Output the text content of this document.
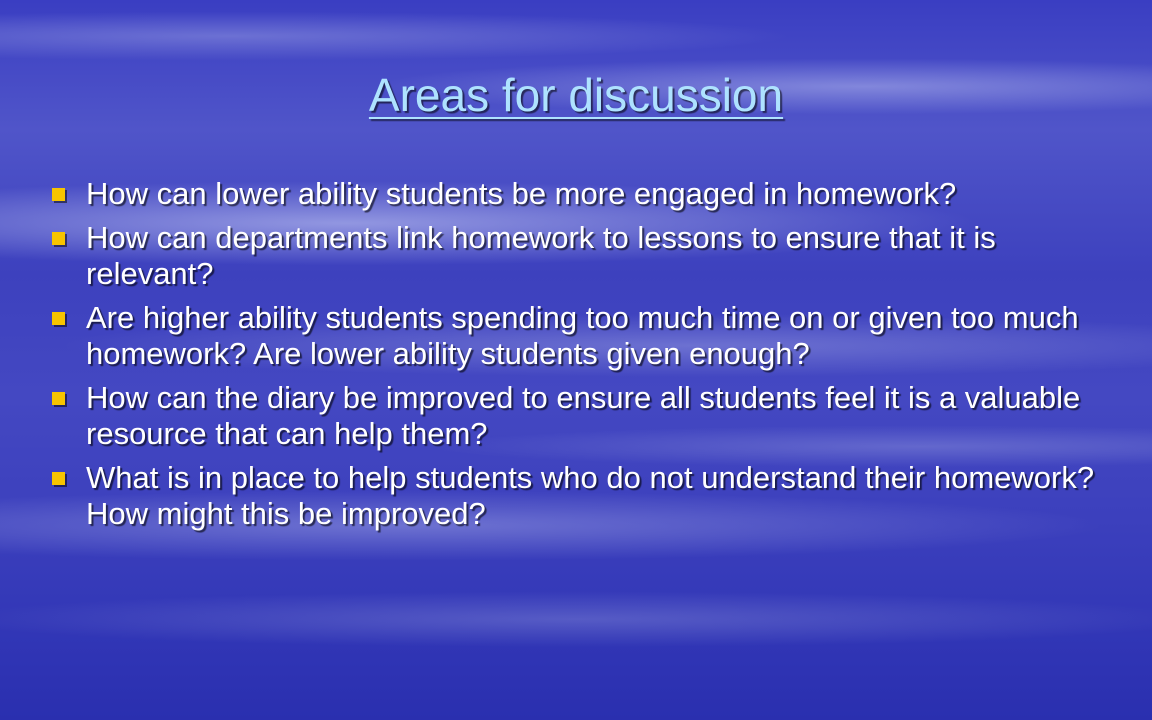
Areas for discussion
How can lower ability students be more engaged in homework?
How can departments link homework to lessons to ensure that it is relevant?
Are higher ability students spending too much time on or given too much homework? Are lower ability students given enough?
How can the diary be improved to ensure all students feel it is a valuable resource that can help them?
What is in place to help students who do not understand their homework? How might this be improved?
